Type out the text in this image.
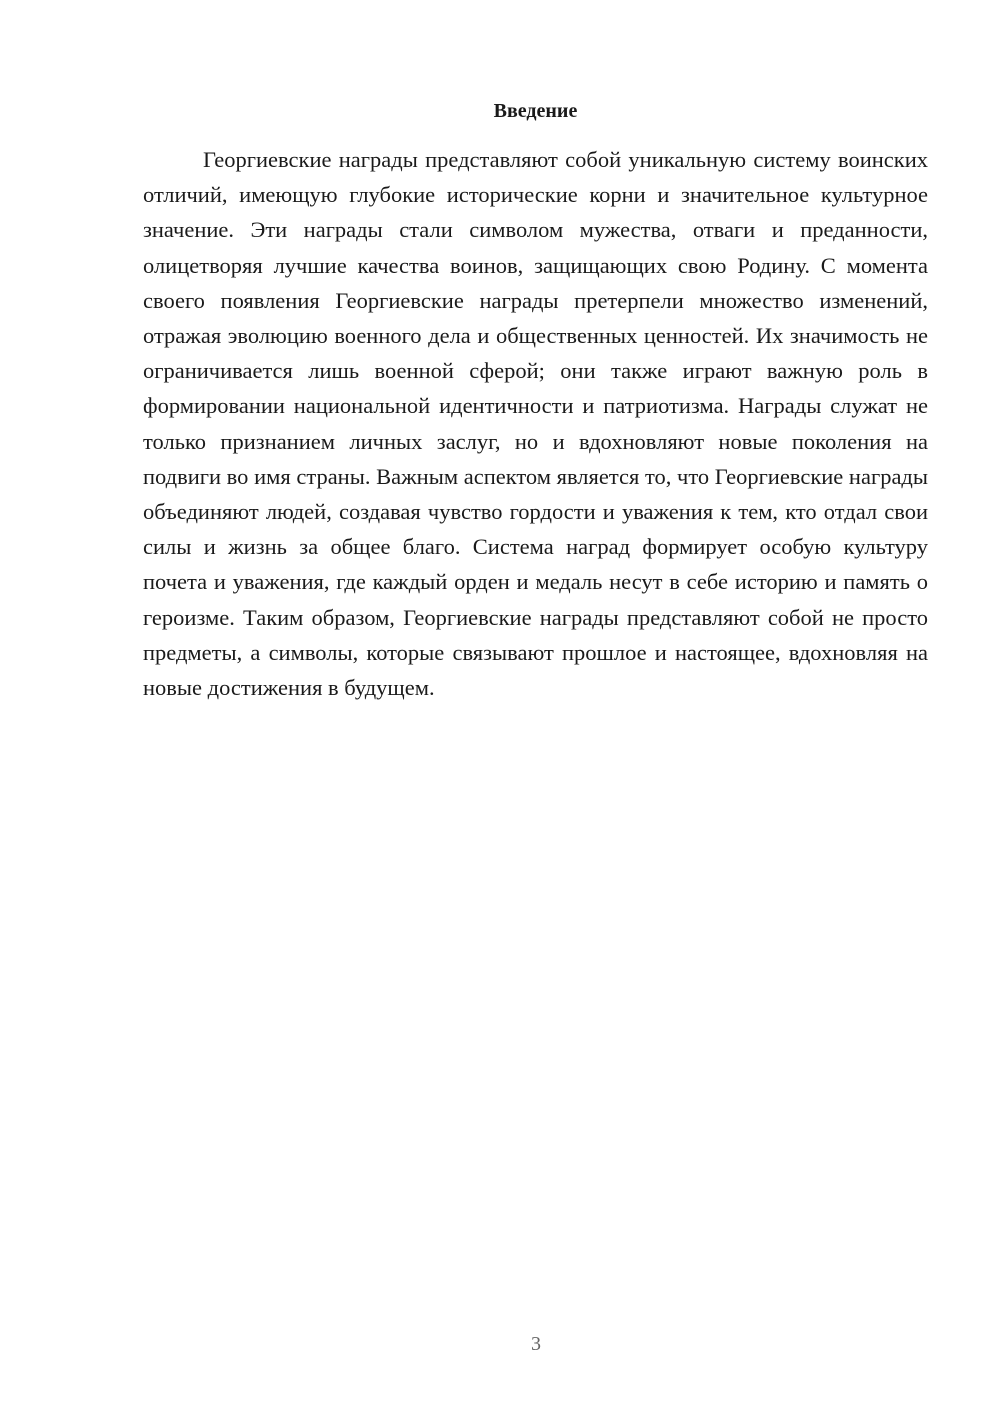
Введение

Георгиевские награды представляют собой уникальную систему воинских отличий, имеющую глубокие исторические корни и значительное культурное значение. Эти награды стали символом мужества, отваги и преданности, олицетворяя лучшие качества воинов, защищающих свою Родину. С момента своего появления Георгиевские награды претерпели множество изменений, отражая эволюцию военного дела и общественных ценностей. Их значимость не ограничивается лишь военной сферой; они также играют важную роль в формировании национальной идентичности и патриотизма. Награды служат не только признанием личных заслуг, но и вдохновляют новые поколения на подвиги во имя страны. Важным аспектом является то, что Георгиевские награды объединяют людей, создавая чувство гордости и уважения к тем, кто отдал свои силы и жизнь за общее благо. Система наград формирует особую культуру почета и уважения, где каждый орден и медаль несут в себе историю и память о героизме. Таким образом, Георгиевские награды представляют собой не просто предметы, а символы, которые связывают прошлое и настоящее, вдохновляя на новые достижения в будущем.

3
